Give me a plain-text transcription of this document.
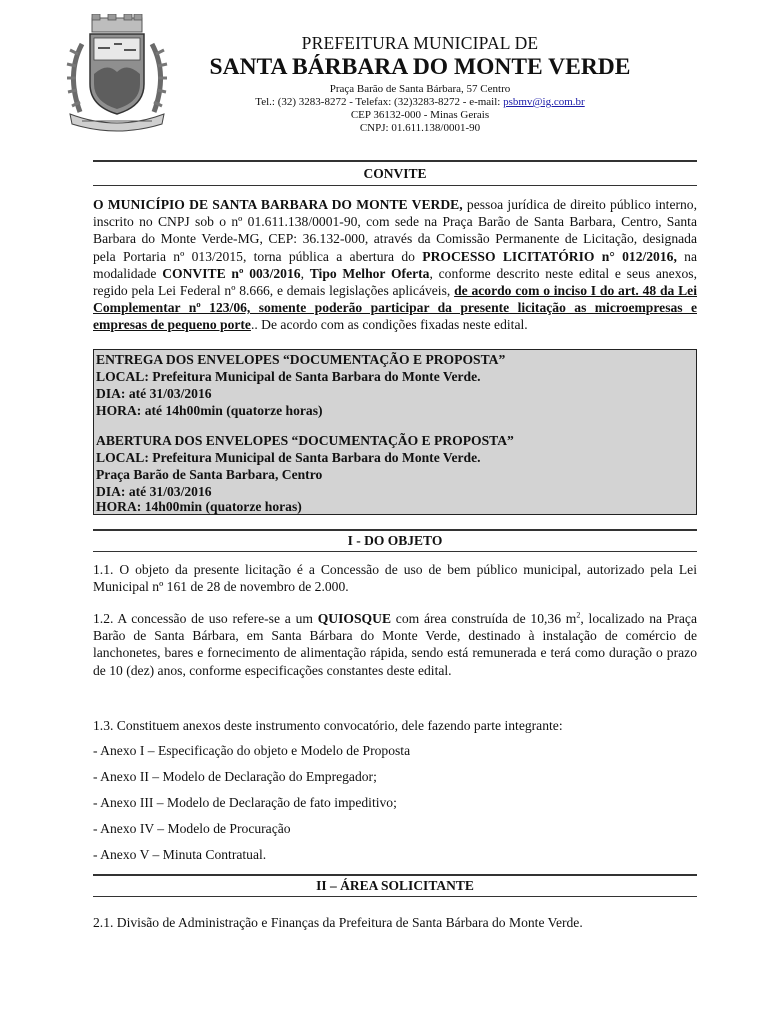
PREFEITURA MUNICIPAL DE
SANTA BÁRBARA DO MONTE VERDE
Praça Barão de Santa Bárbara, 57 Centro
Tel.: (32) 3283-8272 - Telefax: (32)3283-8272 - e-mail: psbmv@ig.com.br
CEP 36132-000 - Minas Gerais
CNPJ: 01.611.138/0001-90
CONVITE
O MUNICÍPIO DE SANTA BARBARA DO MONTE VERDE, pessoa jurídica de direito público interno, inscrito no CNPJ sob o nº 01.611.138/0001-90, com sede na Praça Barão de Santa Barbara, Centro, Santa Barbara do Monte Verde-MG, CEP: 36.132-000, através da Comissão Permanente de Licitação, designada pela Portaria nº 013/2015, torna pública a abertura do PROCESSO LICITATÓRIO n° 012/2016, na modalidade CONVITE nº 003/2016, Tipo Melhor Oferta, conforme descrito neste edital e seus anexos, regido pela Lei Federal nº 8.666, e demais legislações aplicáveis, de acordo com o inciso I do art. 48 da Lei Complementar nº 123/06, somente poderão participar da presente licitação as microempresas e empresas de pequeno porte.. De acordo com as condições fixadas neste edital.
ENTREGA DOS ENVELOPES “DOCUMENTAÇÃO E PROPOSTA”
LOCAL: Prefeitura Municipal de Santa Barbara do Monte Verde.
DIA: até 31/03/2016
HORA: até 14h00min (quatorze horas)
ABERTURA DOS ENVELOPES “DOCUMENTAÇÃO E PROPOSTA”
LOCAL: Prefeitura Municipal de Santa Barbara do Monte Verde.
Praça Barão de Santa Barbara, Centro
DIA: até 31/03/2016
HORA: 14h00min (quatorze horas)
I - DO OBJETO
1.1. O objeto da presente licitação é a Concessão de uso de bem público municipal, autorizado pela Lei Municipal nº 161 de 28 de novembro de 2.000.
1.2. A concessão de uso refere-se a um QUIOSQUE com área construída de 10,36 $m^2$, localizado na Praça Barão de Santa Bárbara, em Santa Bárbara do Monte Verde, destinado à instalação de comércio de lanchonetes, bares e fornecimento de alimentação rápida, sendo está remunerada e terá como duração o prazo de 10 (dez) anos, conforme especificações constantes deste edital.
1.3. Constituem anexos deste instrumento convocatório, dele fazendo parte integrante:
- Anexo I – Especificação do objeto e Modelo de Proposta
- Anexo II – Modelo de Declaração do Empregador;
- Anexo III – Modelo de Declaração de fato impeditivo;
- Anexo IV – Modelo de Procuração
- Anexo V – Minuta Contratual.
II – ÁREA SOLICITANTE
2.1. Divisão de Administração e Finanças da Prefeitura de Santa Bárbara do Monte Verde.
